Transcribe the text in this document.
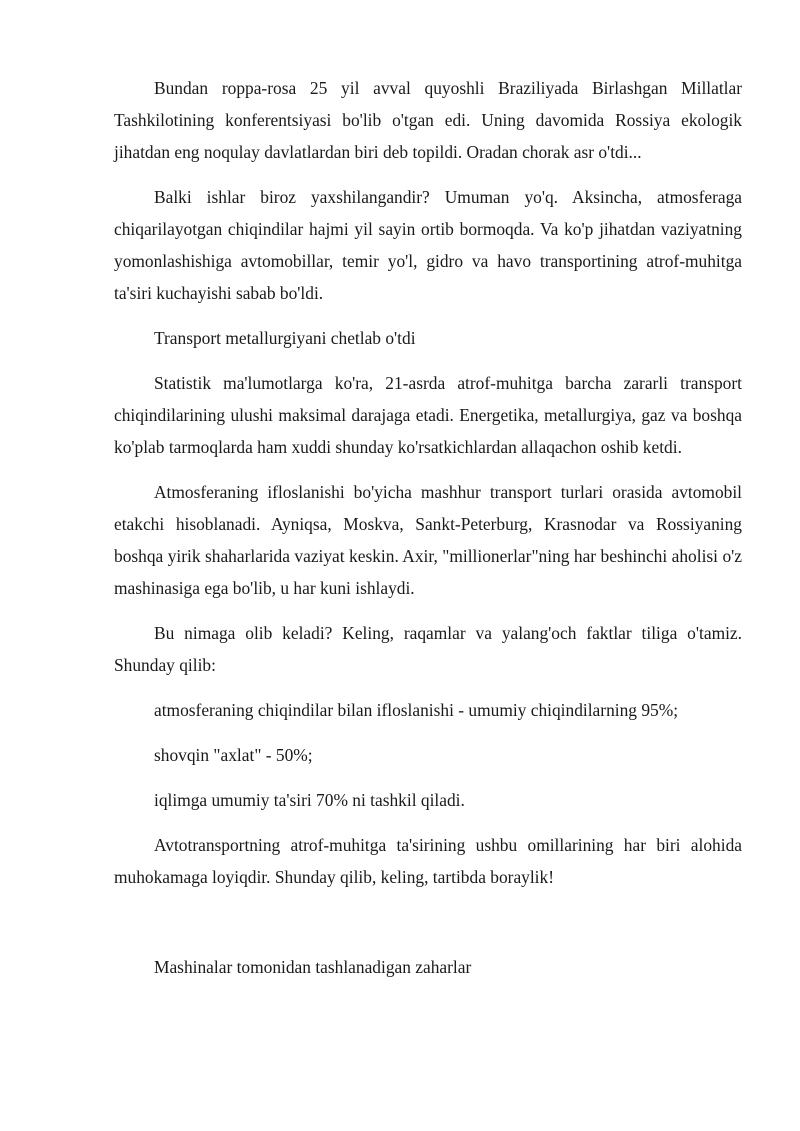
Bundan roppa-rosa 25 yil avval quyoshli Braziliyada Birlashgan Millatlar Tashkilotining konferentsiyasi bo'lib o'tgan edi. Uning davomida Rossiya ekologik jihatdan eng noqulay davlatlardan biri deb topildi. Oradan chorak asr o'tdi...

Balki ishlar biroz yaxshilangandir? Umuman yo'q. Aksincha, atmosferaga chiqarilayotgan chiqindilar hajmi yil sayin ortib bormoqda. Va ko'p jihatdan vaziyatning yomonlashishiga avtomobillar, temir yo'l, gidro va havo transportining atrof-muhitga ta'siri kuchayishi sabab bo'ldi.

Transport metallurgiyani chetlab o'tdi

Statistik ma'lumotlarga ko'ra, 21-asrda atrof-muhitga barcha zararli transport chiqindilarining ulushi maksimal darajaga etadi. Energetika, metallurgiya, gaz va boshqa ko'plab tarmoqlarda ham xuddi shunday ko'rsatkichlardan allaqachon oshib ketdi.

Atmosferaning ifloslanishi bo'yicha mashhur transport turlari orasida avtomobil etakchi hisoblanadi. Ayniqsa, Moskva, Sankt-Peterburg, Krasnodar va Rossiyaning boshqa yirik shaharlarida vaziyat keskin. Axir, "millionerlar"ning har beshinchi aholisi o'z mashinasiga ega bo'lib, u har kuni ishlaydi.

Bu nimaga olib keladi? Keling, raqamlar va yalang'och faktlar tiliga o'tamiz. Shunday qilib:

atmosferaning chiqindilar bilan ifloslanishi - umumiy chiqindilarning 95%;

shovqin "axlat" - 50%;

iqlimga umumiy ta'siri 70% ni tashkil qiladi.

Avtotransportning atrof-muhitga ta'sirining ushbu omillarining har biri alohida muhokamaga loyiqdir. Shunday qilib, keling, tartibda boraylik!

Mashinalar tomonidan tashlanadigan zaharlar
